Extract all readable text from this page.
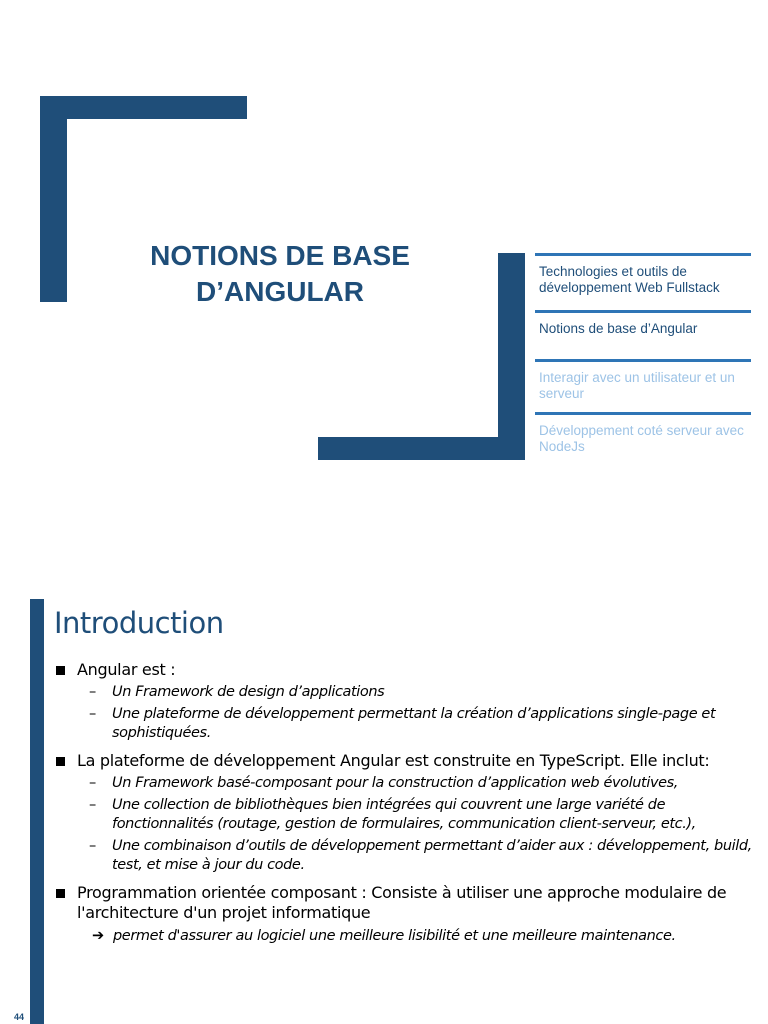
NOTIONS DE BASE
D’ANGULAR
Technologies et outils de développement Web Fullstack
Notions de base d’Angular
Interagir avec un utilisateur et un serveur
Développement coté serveur avec NodeJs
Introduction
Angular est :
– Un Framework de design d’applications
– Une plateforme de développement permettant la création d’applications single-page et sophistiquées.
La plateforme de développement Angular est construite en TypeScript. Elle inclut:
– Un Framework basé-composant pour la construction d’application web évolutives,
– Une collection de bibliothèques bien intégrées qui couvrent une large variété de fonctionnalités (routage, gestion de formulaires, communication client-serveur, etc.),
– Une combinaison d’outils de développement permettant d’aider aux : développement, build, test, et mise à jour du code.
Programmation orientée composant : Consiste à utiliser une approche modulaire de l'architecture d'un projet informatique
➔ permet d'assurer au logiciel une meilleure lisibilité et une meilleure maintenance.
44
